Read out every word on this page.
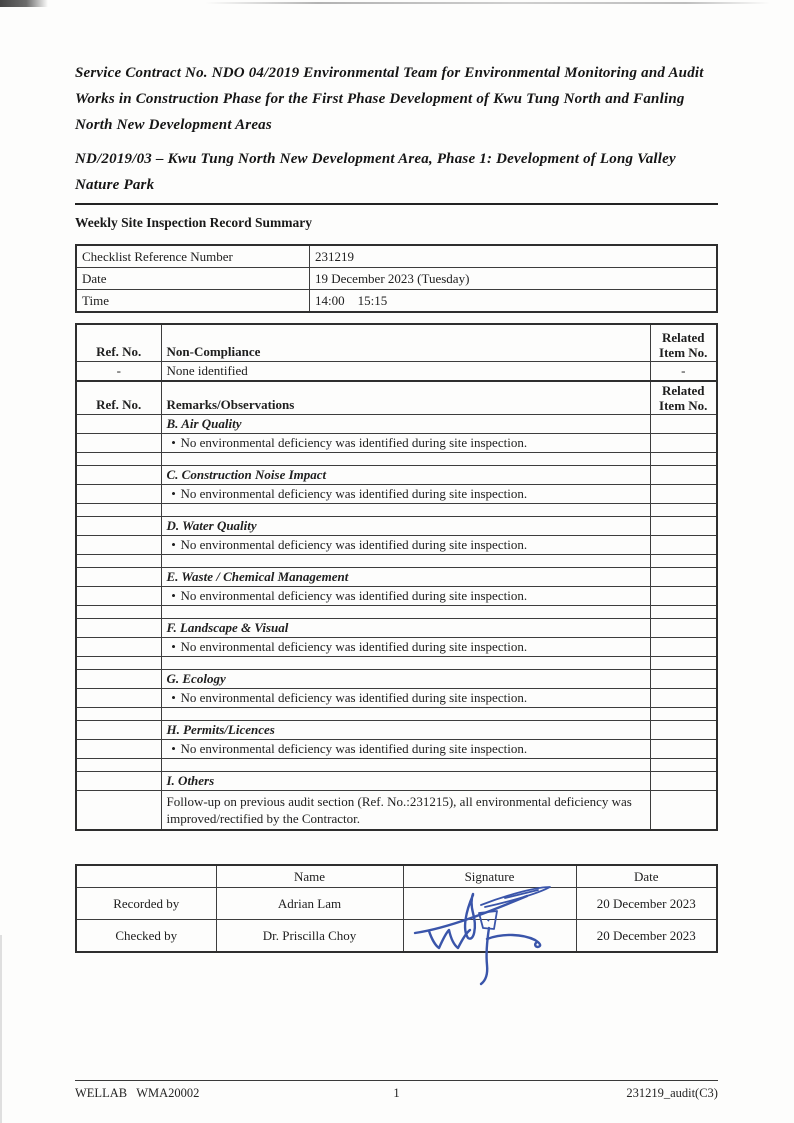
Service Contract No. NDO 04/2019 Environmental Team for Environmental Monitoring and Audit Works in Construction Phase for the First Phase Development of Kwu Tung North and Fanling North New Development Areas

ND/2019/03 – Kwu Tung North New Development Area, Phase 1: Development of Long Valley Nature Park

Weekly Site Inspection Record Summary
Checklist Reference Number	231219
Date	19 December 2023 (Tuesday)
Time	14:00    15:15
Ref. No.	Non-Compliance	Related Item No.
-	None identified	-
Ref. No.	Remarks/Observations	Related Item No.
	B. Air Quality	
	• No environmental deficiency was identified during site inspection.	

	C. Construction Noise Impact	
	• No environmental deficiency was identified during site inspection.	

	D. Water Quality	
	• No environmental deficiency was identified during site inspection.	

	E. Waste / Chemical Management	
	• No environmental deficiency was identified during site inspection.	

	F. Landscape & Visual	
	• No environmental deficiency was identified during site inspection.	

	G. Ecology	
	• No environmental deficiency was identified during site inspection.	

	H. Permits/Licences	
	• No environmental deficiency was identified during site inspection.	

	I. Others	
	Follow-up on previous audit section (Ref. No.:231215), all environmental deficiency was improved/rectified by the Contractor.	
	Name	Signature	Date
Recorded by	Adrian Lam		20 December 2023
Checked by	Dr. Priscilla Choy		20 December 2023
WELLAB   WMA20002	1	231219_audit(C3)
